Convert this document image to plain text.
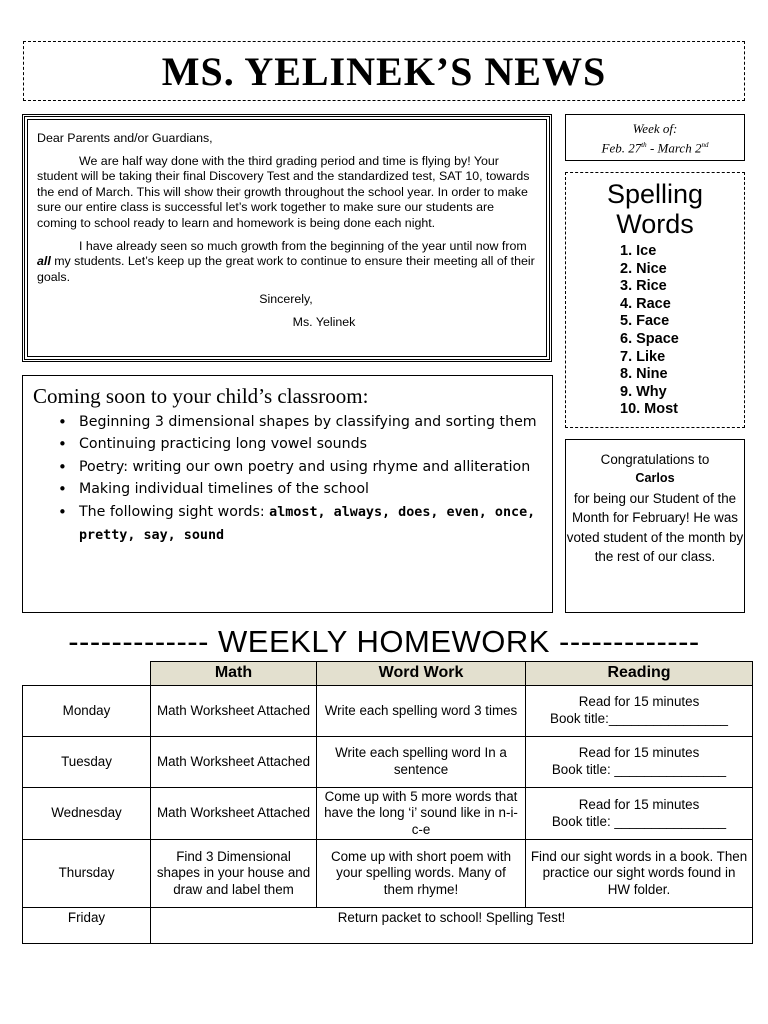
MS. YELINEK’S NEWS

Dear Parents and/or Guardians,

We are half way done with the third grading period and time is flying by! Your student will be taking their final Discovery Test and the standardized test, SAT 10, towards the end of March. This will show their growth throughout the school year. In order to make sure our entire class is successful let’s work together to make sure our students are coming to school ready to learn and homework is being done each night.

I have already seen so much growth from the beginning of the year until now from all my students. Let’s keep up the great work to continue to ensure their meeting all of their goals.

Sincerely,

Ms. Yelinek

Week of:
Feb. 27th - March 2nd
Spelling
Words
1. Ice
2. Nice
3. Rice
4. Race
5. Face
6. Space
7. Like
8. Nine
9. Why
10. Most
Coming soon to your child’s classroom:
• Beginning 3 dimensional shapes by classifying and sorting them
• Continuing practicing long vowel sounds
• Poetry: writing our own poetry and using rhyme and alliteration
• Making individual timelines of the school
• The following sight words: almost, always, does, even, once, pretty, say, sound
Congratulations to
Carlos
for being our Student of the Month for February! He was voted student of the month by the rest of our class.
------------- WEEKLY HOMEWORK -------------
	Math	Word Work	Reading
Monday	Math Worksheet Attached	Write each spelling word 3 times	Read for 15 minutes
Book title:________________

Tuesday	Math Worksheet Attached	Write each spelling word In a sentence	Read for 15 minutes
Book title: _______________

Wednesday	Math Worksheet Attached	Come up with 5 more words that have the long ‘i’ sound like in n-i-c-e	Read for 15 minutes
Book title: _______________

Thursday	Find 3 Dimensional shapes in your house and draw and label them	Come up with short poem with your spelling words. Many of them rhyme!	Find our sight words in a book. Then practice our sight words found in HW folder.
Friday	Return packet to school! Spelling Test!		
